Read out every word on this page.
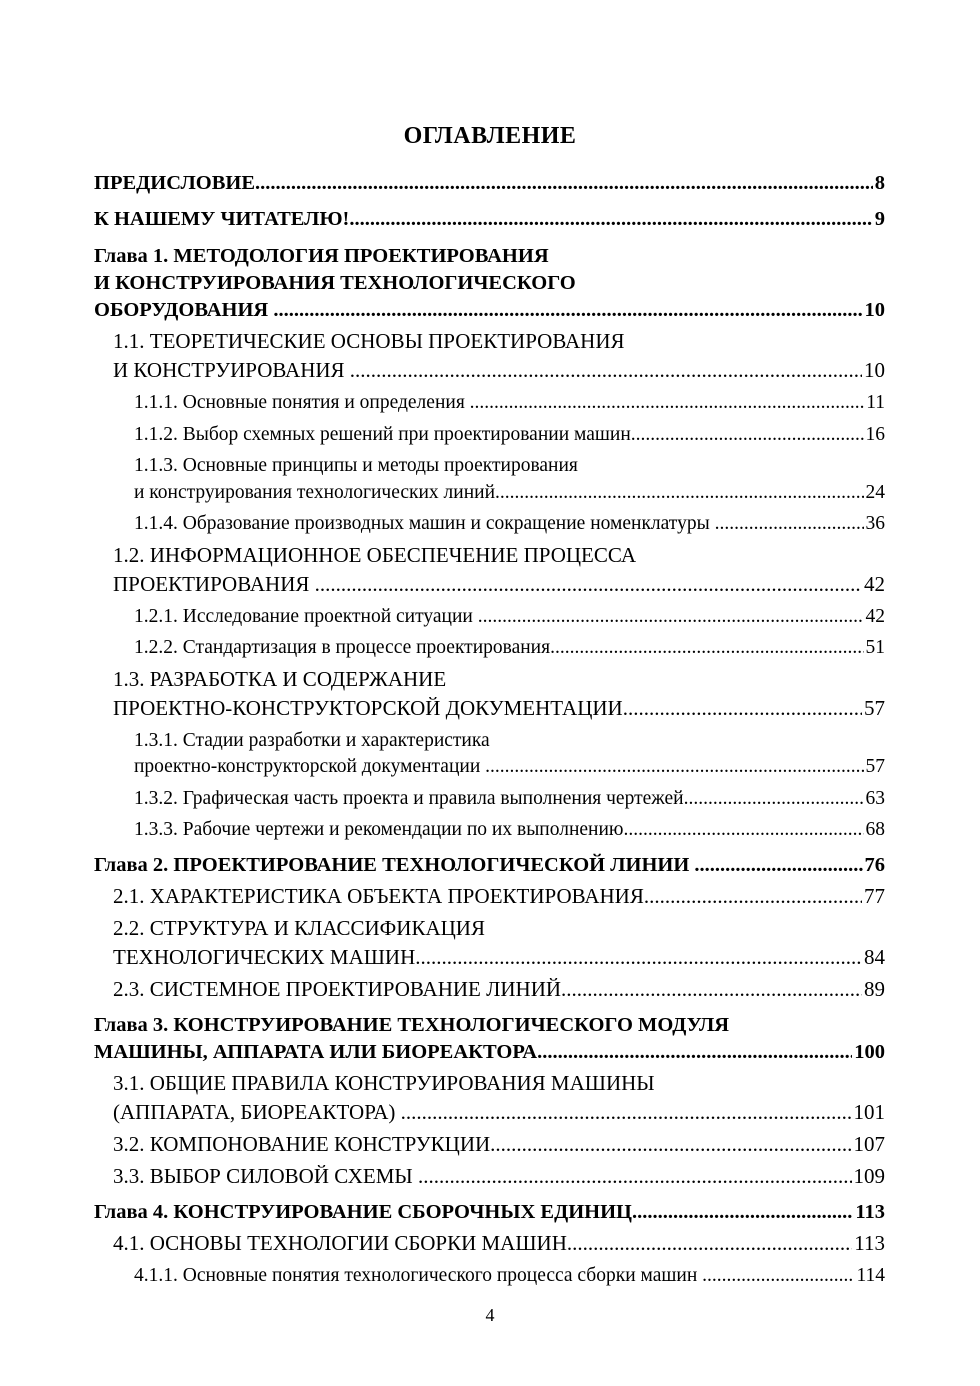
ОГЛАВЛЕНИЕ
ПРЕДИСЛОВИЕ .....	8
К НАШЕМУ ЧИТАТЕЛЮ! .....	9
Глава 1. МЕТОДОЛОГИЯ ПРОЕКТИРОВАНИЯ
И КОНСТРУИРОВАНИЯ ТЕХНОЛОГИЧЕСКОГО
ОБОРУДОВАНИЯ .....	10
1.1. ТЕОРЕТИЧЕСКИЕ ОСНОВЫ ПРОЕКТИРОВАНИЯ
И КОНСТРУИРОВАНИЯ .....	10
1.1.1. Основные понятия и определения .....	11
1.1.2. Выбор схемных решений при проектировании машин .....	16
1.1.3. Основные принципы и методы проектирования
и конструирования технологических линий .....	24
1.1.4. Образование производных машин и сокращение номенклатуры .....	36
1.2. ИНФОРМАЦИОННОЕ ОБЕСПЕЧЕНИЕ ПРОЦЕССА
ПРОЕКТИРОВАНИЯ .....	42
1.2.1. Исследование проектной ситуации .....	42
1.2.2. Стандартизация в процессе проектирования .....	51
1.3. РАЗРАБОТКА И СОДЕРЖАНИЕ
ПРОЕКТНО-КОНСТРУКТОРСКОЙ ДОКУМЕНТАЦИИ .....	57
1.3.1. Стадии разработки и характеристика
проектно-конструкторской документации .....	57
1.3.2. Графическая часть проекта и правила выполнения чертежей .....	63
1.3.3. Рабочие чертежи и рекомендации по их выполнению .....	68
Глава 2. ПРОЕКТИРОВАНИЕ ТЕХНОЛОГИЧЕСКОЙ ЛИНИИ .....	76
2.1. ХАРАКТЕРИСТИКА ОБЪЕКТА ПРОЕКТИРОВАНИЯ .....	77
2.2. СТРУКТУРА И КЛАССИФИКАЦИЯ
ТЕХНОЛОГИЧЕСКИХ МАШИН .....	84
2.3. СИСТЕМНОЕ ПРОЕКТИРОВАНИЕ ЛИНИЙ .....	89
Глава 3. КОНСТРУИРОВАНИЕ ТЕХНОЛОГИЧЕСКОГО МОДУЛЯ
МАШИНЫ, АППАРАТА ИЛИ БИОРЕАКТОРА .....	100
3.1. ОБЩИЕ ПРАВИЛА КОНСТРУИРОВАНИЯ МАШИНЫ
(АППАРАТА, БИОРЕАКТОРА) .....	101
3.2. КОМПОНОВАНИЕ КОНСТРУКЦИИ .....	107
3.3. ВЫБОР СИЛОВОЙ СХЕМЫ .....	109
Глава 4. КОНСТРУИРОВАНИЕ СБОРОЧНЫХ ЕДИНИЦ .....	113
4.1. ОСНОВЫ ТЕХНОЛОГИИ СБОРКИ МАШИН .....	113
4.1.1. Основные понятия технологического процесса сборки машин .....	114
4
